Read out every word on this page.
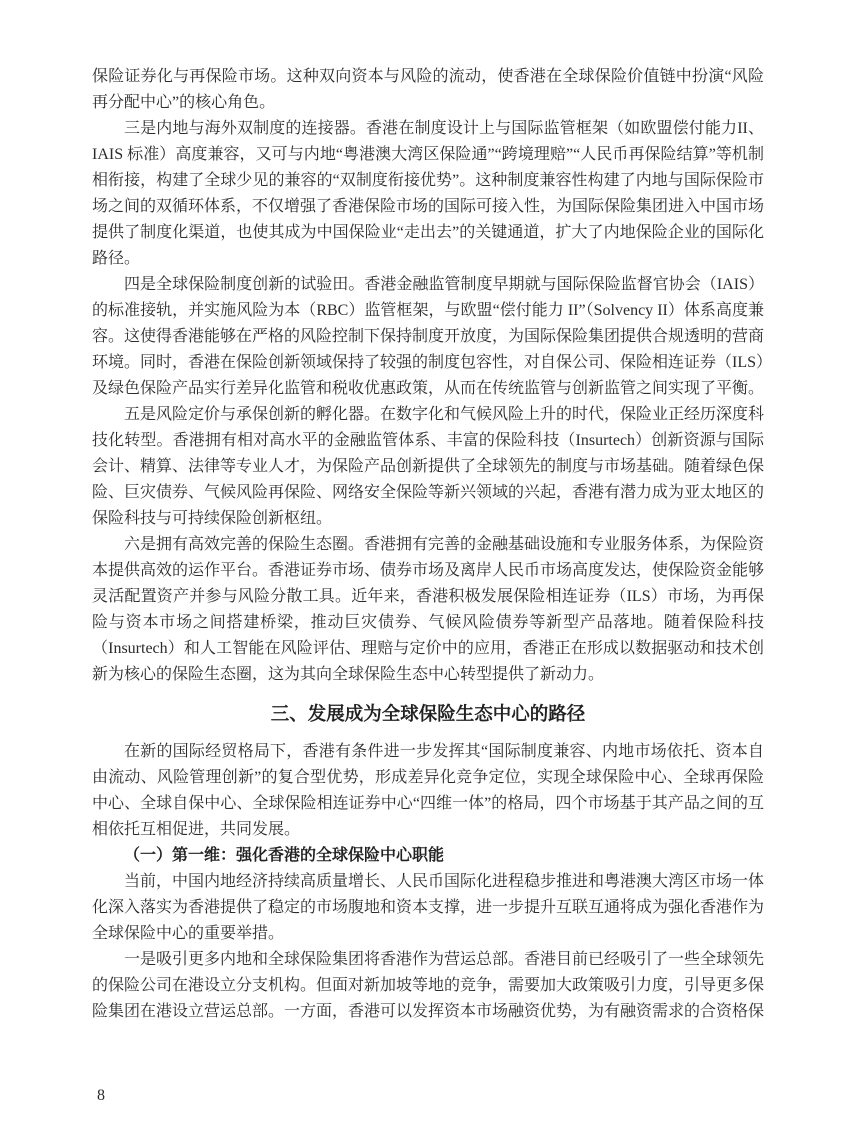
保险证券化与再保险市场。这种双向资本与风险的流动，使香港在全球保险价值链中扮演“风险再分配中心”的核心角色。

三是内地与海外双制度的连接器。香港在制度设计上与国际监管框架（如欧盟偿付能力II、IAIS 标准）高度兼容，又可与内地“粤港澳大湾区保险通”“跨境理赔”“人民币再保险结算”等机制相衔接，构建了全球少见的兼容的“双制度衔接优势”。这种制度兼容性构建了内地与国际保险市场之间的双循环体系，不仅增强了香港保险市场的国际可接入性，为国际保险集团进入中国市场提供了制度化渠道，也使其成为中国保险业“走出去”的关键通道，扩大了内地保险企业的国际化路径。

四是全球保险制度创新的试验田。香港金融监管制度早期就与国际保险监督官协会（IAIS）的标准接轨，并实施风险为本（RBC）监管框架，与欧盟“偿付能力 II”（Solvency II）体系高度兼容。这使得香港能够在严格的风险控制下保持制度开放度，为国际保险集团提供合规透明的营商环境。同时，香港在保险创新领域保持了较强的制度包容性，对自保公司、保险相连证券（ILS）及绿色保险产品实行差异化监管和税收优惠政策，从而在传统监管与创新监管之间实现了平衡。

五是风险定价与承保创新的孵化器。在数字化和气候风险上升的时代，保险业正经历深度科技化转型。香港拥有相对高水平的金融监管体系、丰富的保险科技（Insurtech）创新资源与国际会计、精算、法律等专业人才，为保险产品创新提供了全球领先的制度与市场基础。随着绿色保险、巨灾债券、气候风险再保险、网络安全保险等新兴领域的兴起，香港有潜力成为亚太地区的保险科技与可持续保险创新枢纽。

六是拥有高效完善的保险生态圈。香港拥有完善的金融基础设施和专业服务体系，为保险资本提供高效的运作平台。香港证券市场、债券市场及离岸人民币市场高度发达，使保险资金能够灵活配置资产并参与风险分散工具。近年来，香港积极发展保险相连证券（ILS）市场，为再保险与资本市场之间搭建桥梁，推动巨灾债券、气候风险债券等新型产品落地。随着保险科技（Insurtech）和人工智能在风险评估、理赔与定价中的应用，香港正在形成以数据驱动和技术创新为核心的保险生态圈，这为其向全球保险生态中心转型提供了新动力。

三、发展成为全球保险生态中心的路径

在新的国际经贸格局下，香港有条件进一步发挥其“国际制度兼容、内地市场依托、资本自由流动、风险管理创新”的复合型优势，形成差异化竞争定位，实现全球保险中心、全球再保险中心、全球自保中心、全球保险相连证券中心“四维一体”的格局，四个市场基于其产品之间的互相依托互相促进，共同发展。

（一）第一维：强化香港的全球保险中心职能

当前，中国内地经济持续高质量增长、人民币国际化进程稳步推进和粤港澳大湾区市场一体化深入落实为香港提供了稳定的市场腹地和资本支撑，进一步提升互联互通将成为强化香港作为全球保险中心的重要举措。

一是吸引更多内地和全球保险集团将香港作为营运总部。香港目前已经吸引了一些全球领先的保险公司在港设立分支机构。但面对新加坡等地的竞争，需要加大政策吸引力度，引导更多保险集团在港设立营运总部。一方面，香港可以发挥资本市场融资优势，为有融资需求的合资格保

8
